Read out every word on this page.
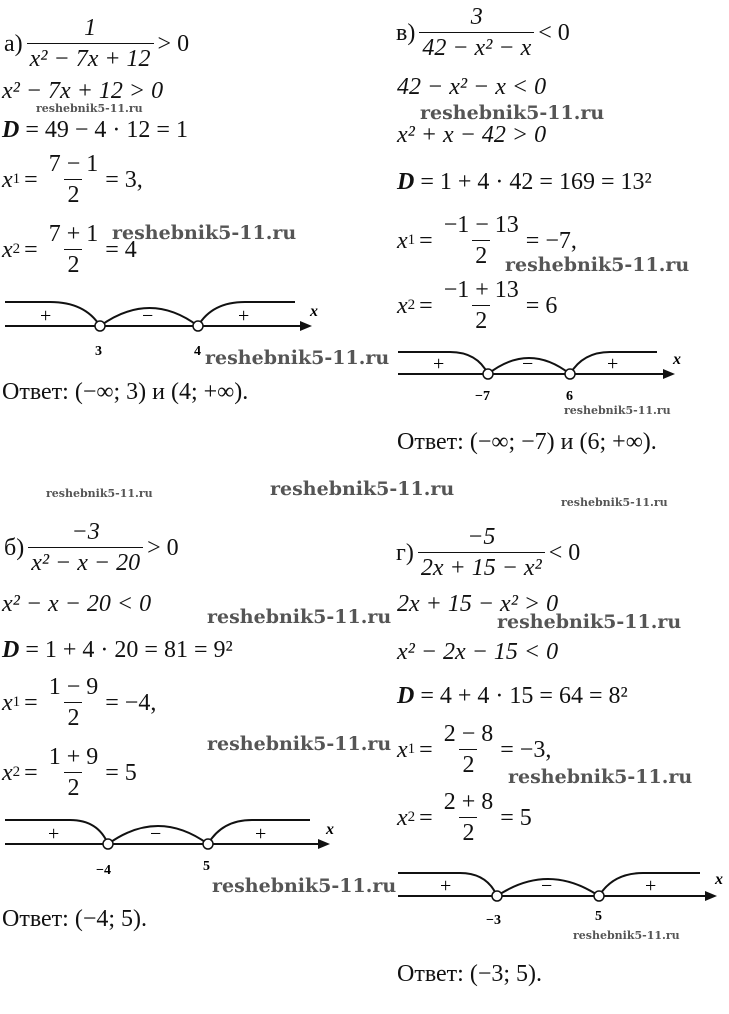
$а) \frac{1}{\text{x² − 7x + 12}} > 0$
x² − 7x + 12 > 0
D = 49 − 4 · 12 = 1
x $1 = \frac{7 - 1}{2} = 3$,
x $2 = \frac{7 + 1}{2} = 4$
+	−	+
3	4
x
Ответ: (−∞; 3) и (4; +∞).
$в) \frac{3}{\text{42 − x² − x}} < 0$
42 − x² − x < 0
x² + x − 42 > 0
D = 1 + 4 · 42 = 169 = 13²
x $1 = \frac{-1 - 13}{2} = -7$,
x $2 = \frac{-1 + 13}{2} = 6$
+	−	+
−7	6
x
Ответ: (−∞; −7) и (6; +∞).
$б) \frac{-3}{\text{x² − x − 20}} > 0$
x² − x − 20 < 0
D = 1 + 4 · 20 = 81 = 9²
x $1 = \frac{1 - 9}{2} = -4$,
x $2 = \frac{1 + 9}{2} = 5$
+	−	+
−4	5
x
Ответ: (−4; 5).
$г) \frac{-5}{\text{2x + 15 − x²}} < 0$
2x + 15 − x² > 0
x² − 2x − 15 < 0
D = 4 + 4 · 15 = 64 = 8²
x $1 = \frac{2 - 8}{2} = -3$,
x $2 = \frac{2 + 8}{2} = 5$
+	−	+
−3	5
x
Ответ: (−3; 5).
reshebnik5-11.ru
reshebnik5-11.ru
reshebnik5-11.ru
reshebnik5-11.ru
reshebnik5-11.ru
reshebnik5-11.ru
reshebnik5-11.ru	reshebnik5-11.ru
reshebnik5-11.ru
reshebnik5-11.ru	reshebnik5-11.ru
reshebnik5-11.ru
reshebnik5-11.ru
reshebnik5-11.ru
reshebnik5-11.ru
